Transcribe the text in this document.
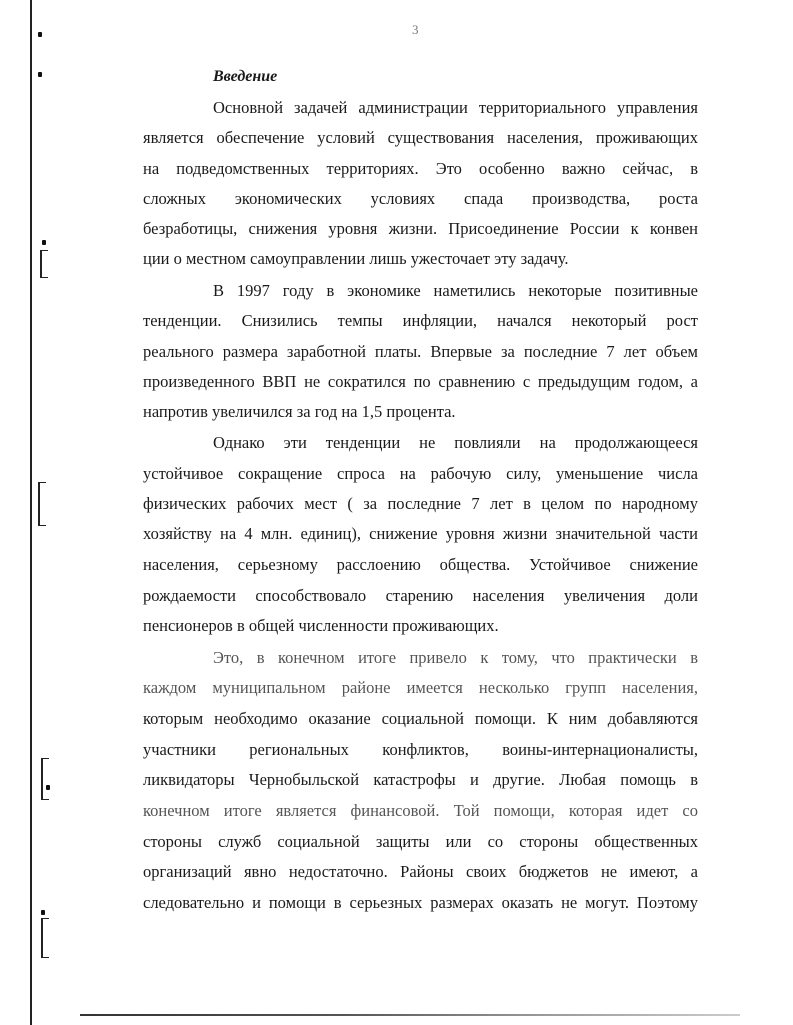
3
Введение
Основной задачей администрации территориального управления
является обеспечение условий существования населения, проживающих
на подведомственных территориях. Это особенно важно сейчас, в
сложных экономических условиях спада производства, роста
безработицы, снижения уровня жизни. Присоединение России к конвен
ции о местном самоуправлении лишь ужесточает эту задачу.
В 1997 году в экономике наметились некоторые позитивные
тенденции. Снизились темпы инфляции, начался некоторый рост
реального размера заработной платы. Впервые за последние 7 лет объем
произведенного ВВП не сократился по сравнению с предыдущим годом, а
напротив увеличился за год на 1,5 процента.
Однако эти тенденции не повлияли на продолжающееся
устойчивое сокращение спроса на рабочую силу, уменьшение числа
физических рабочих мест ( за последние 7 лет в целом по народному
хозяйству на 4 млн. единиц), снижение уровня жизни значительной части
населения, серьезному расслоению общества. Устойчивое снижение
рождаемости способствовало старению населения увеличения доли
пенсионеров в общей численности проживающих.
Это, в конечном итоге привело к тому, что практически в
каждом муниципальном районе имеется несколько групп населения,
которым необходимо оказание социальной помощи. К ним добавляются
участники региональных конфликтов, воины-интернационалисты,
ликвидаторы Чернобыльской катастрофы и другие. Любая помощь в
конечном итоге является финансовой. Той помощи, которая идет со
стороны служб социальной защиты или со стороны общественных
организаций явно недостаточно. Районы своих бюджетов не имеют, а
следовательно и помощи в серьезных размерах оказать не могут. Поэтому
